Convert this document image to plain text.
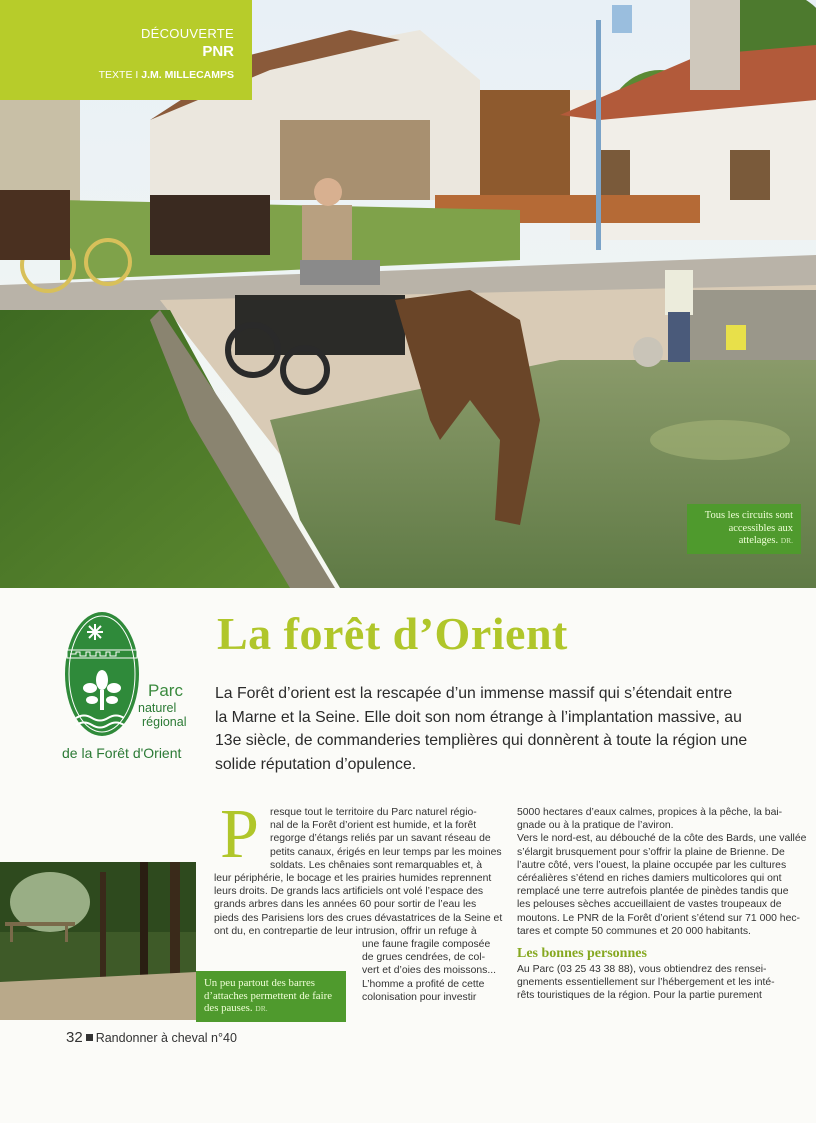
DÉCOUVERTE
PNR
TEXTE I J.M. MILLECAMPS
Tous les circuits sont accessibles aux attelages. DR.
Parc
naturel
régional
de la Forêt d'Orient
La forêt d’Orient

La Forêt d’orient est la rescapée d’un immense massif qui s’étendait entre

la Marne et la Seine. Elle doit son nom étrange à l’implantation massive, au

13e siècle, de commanderies templières qui donnèrent à toute la région une

solide réputation d’opulence.

P	resque tout le territoire du Parc naturel régio-

nal de la Forêt d’orient est humide, et la forêt

regorge d’étangs reliés par un savant réseau de

petits canaux, érigés en leur temps par les moines

soldats. Les chênaies sont remarquables et, à

leur périphérie, le bocage et les prairies humides reprennent

leurs droits. De grands lacs artificiels ont volé l’espace des

grands arbres dans les années 60 pour sortir de l’eau les

pieds des Parisiens lors des crues dévastatrices de la Seine et

ont du, en contrepartie de leur intrusion, offrir un refuge à

une faune fragile composée

de grues cendrées, de col-

vert et d’oies des moissons...

L’homme a profité de cette

colonisation pour investir

5000 hectares d’eaux calmes, propices à la pêche, la bai-

gnade ou à la pratique de l’aviron.

Vers le nord-est, au débouché de la côte des Bards, une vallée

s’élargit brusquement pour s’offrir la plaine de Brienne. De

l’autre côté, vers l’ouest, la plaine occupée par les cultures

céréalières s’étend en riches damiers multicolores qui ont

remplacé une terre autrefois plantée de pinèdes tandis que

les pelouses sèches accueillaient de vastes troupeaux de

moutons. Le PNR de la Forêt d’orient s’étend sur 71 000 hec-

tares et compte 50 communes et 20 000 habitants.

Les bonnes personnes

Au Parc (03 25 43 38 88), vous obtiendrez des rensei-

gnements essentiellement sur l’hébergement et les inté-

rêts touristiques de la région. Pour la partie purement

Un peu partout des barres d’attaches permettent de faire des pauses. DR.
32 Randonner à cheval n°40
